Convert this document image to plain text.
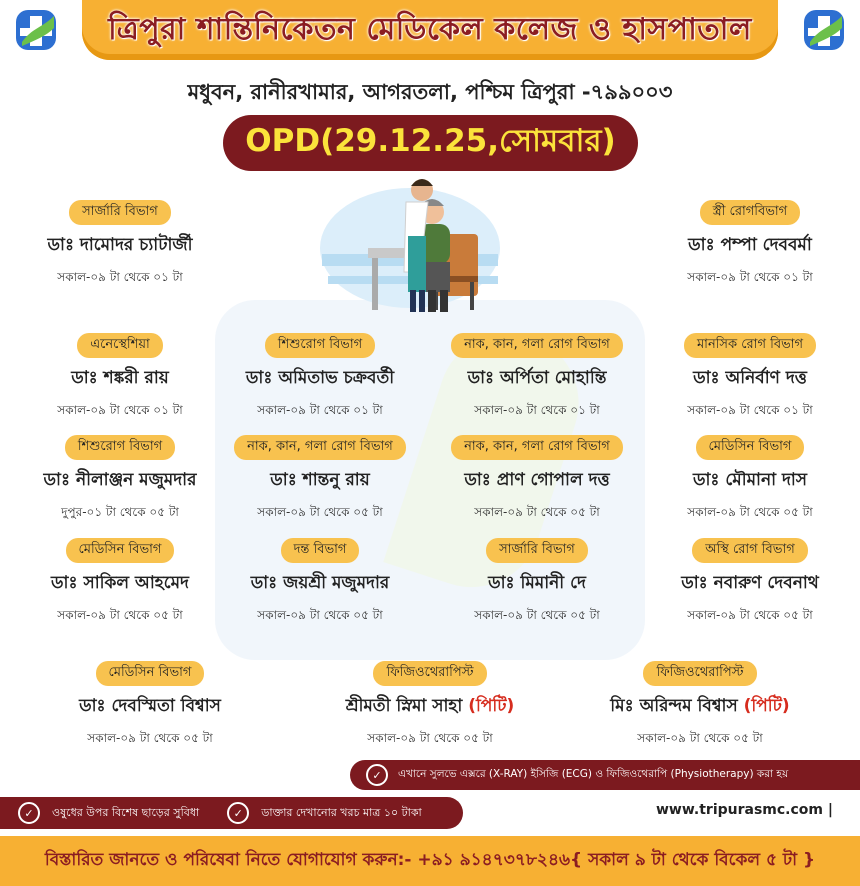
ত্রিপুরা শান্তিনিকেতন মেডিকেল কলেজ ও হাসপাতাল
মধুবন, রানীরখামার, আগরতলা, পশ্চিম ত্রিপুরা -৭৯৯০০৩
OPD(29.12.25,সোমবার)
সার্জারি বিভাগ
ডাঃ দামোদর চ্যাটার্জী
সকাল-০৯ টা থেকে ০১ টা
স্ত্রী রোগবিভাগ
ডাঃ পম্পা দেববর্মা
সকাল-০৯ টা থেকে ০১ টা
এনেস্থেশিয়া
ডাঃ শঙ্করী রায়
সকাল-০৯ টা থেকে ০১ টা
শিশুরোগ বিভাগ
ডাঃ অমিতাভ চক্রবর্তী
সকাল-০৯ টা থেকে ০১ টা
নাক, কান, গলা রোগ বিভাগ
ডাঃ অর্পিতা মোহান্তি
সকাল-০৯ টা থেকে ০১ টা
মানসিক রোগ বিভাগ
ডাঃ অনির্বাণ দত্ত
সকাল-০৯ টা থেকে ০১ টা
শিশুরোগ বিভাগ
ডাঃ নীলাঞ্জন মজুমদার
দুপুর-০১ টা থেকে ০৫ টা
নাক, কান, গলা রোগ বিভাগ
ডাঃ শান্তনু রায়
সকাল-০৯ টা থেকে ০৫ টা
নাক, কান, গলা রোগ বিভাগ
ডাঃ প্রাণ গোপাল দত্ত
সকাল-০৯ টা থেকে ০৫ টা
মেডিসিন বিভাগ
ডাঃ মৌমানা দাস
সকাল-০৯ টা থেকে ০৫ টা
মেডিসিন বিভাগ
ডাঃ সাকিল আহমেদ
সকাল-০৯ টা থেকে ০৫ টা
দন্ত বিভাগ
ডাঃ জয়শ্রী মজুমদার
সকাল-০৯ টা থেকে ০৫ টা
সার্জারি বিভাগ
ডাঃ মিমানী দে
সকাল-০৯ টা থেকে ০৫ টা
অস্থি রোগ বিভাগ
ডাঃ নবারুণ দেবনাথ
সকাল-০৯ টা থেকে ০৫ টা
মেডিসিন বিভাগ
ডাঃ দেবস্মিতা বিশ্বাস
সকাল-০৯ টা থেকে ০৫ টা
ফিজিওথেরাপিস্ট
শ্রীমতী স্নিমা সাহা (পিটি)
সকাল-০৯ টা থেকে ০৫ টা
ফিজিওথেরাপিস্ট
মিঃ অরিন্দম বিশ্বাস (পিটি)
সকাল-০৯ টা থেকে ০৫ টা
✓	এখানে সুলভে এক্সরে (X-RAY) ইসিজি (ECG) ও ফিজিওথেরাপি (Physiotherapy) করা হয়
✓	ওষুধের উপর বিশেষ ছাড়ের সুবিধা	✓	ডাক্তার দেখানোর খরচ মাত্র ১০ টাকা	www.tripurasmc.com |
বিস্তারিত জানতে ও পরিষেবা নিতে যোগাযোগ করুন:- +৯১ ৯১৪৭৩৭৮২৪৬{ সকাল ৯ টা থেকে বিকেল ৫ টা }
